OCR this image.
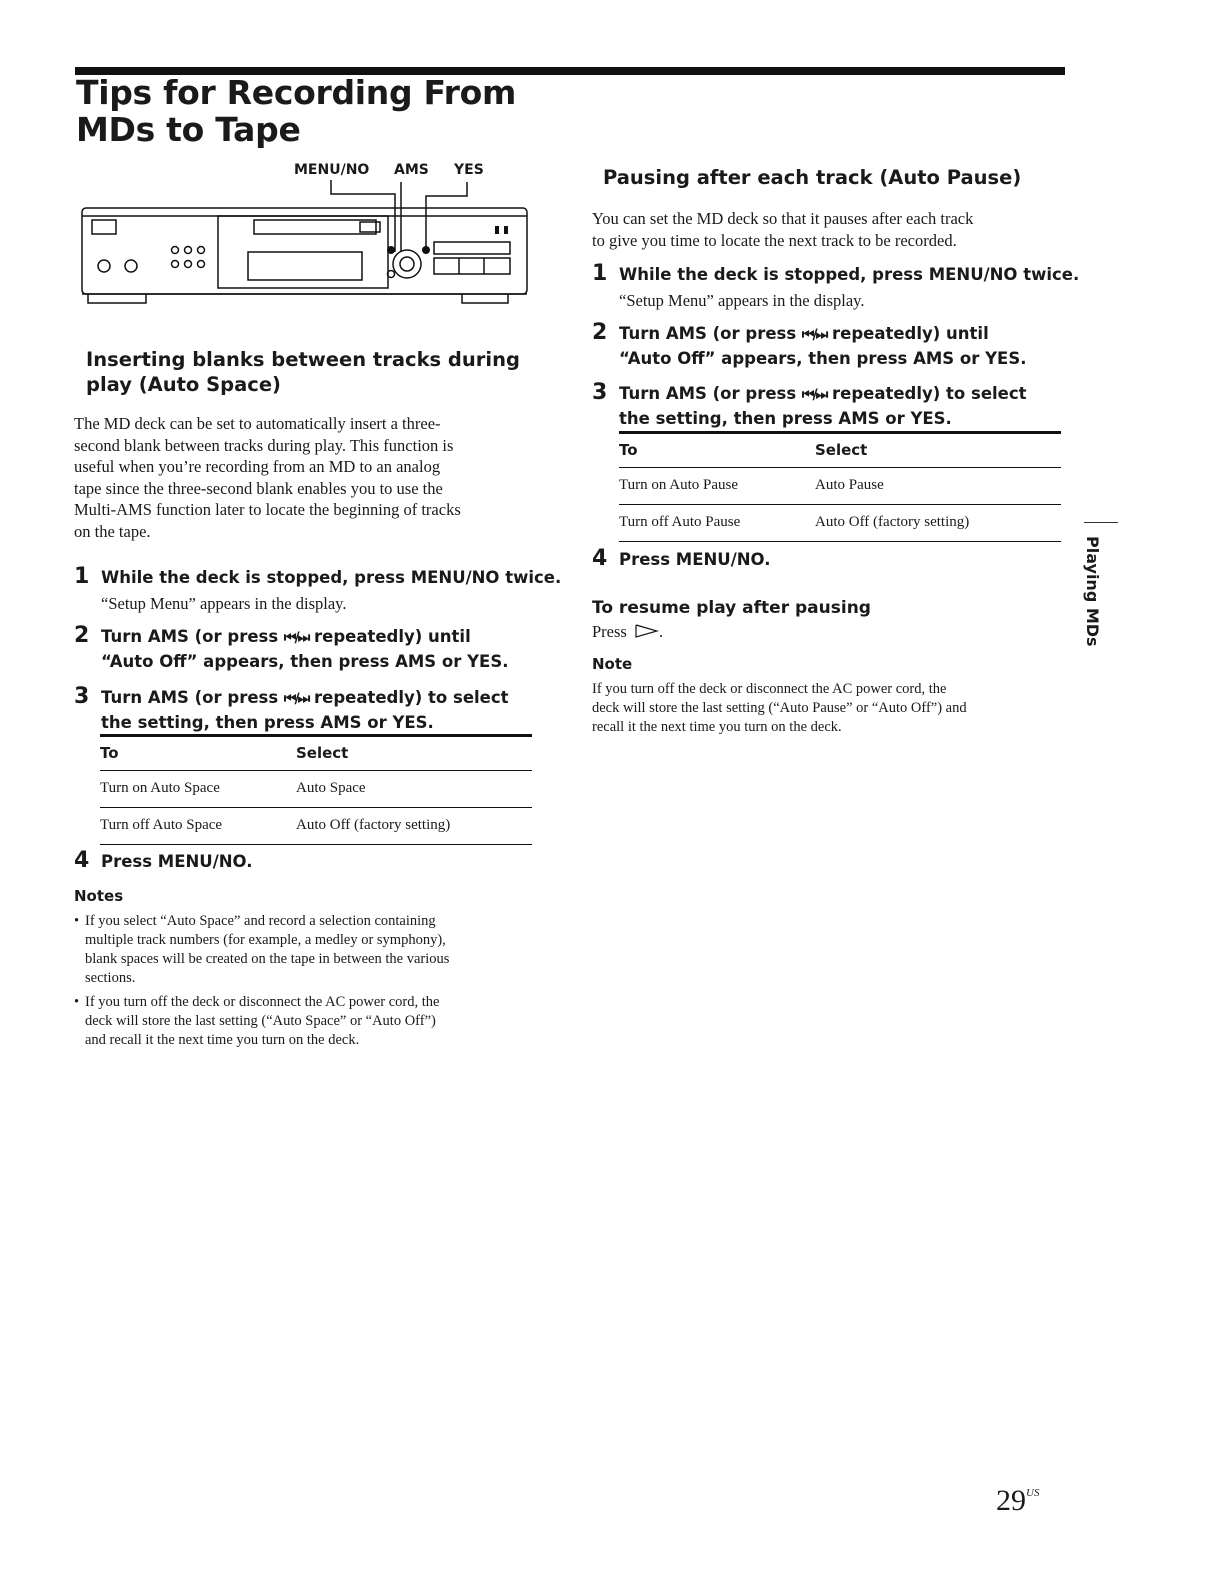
Tips for Recording From
MDs to Tape
MENU/NO AMS YES
Inserting blanks between tracks during
play (Auto Space)
The MD deck can be set to automatically insert a three-
second blank between tracks during play. This function is
useful when you’re recording from an MD to an analog
tape since the three-second blank enables you to use the
Multi-AMS function later to locate the beginning of tracks
on the tape.
1 While the deck is stopped, press MENU/NO twice.
“Setup Menu” appears in the display.
2 Turn AMS (or press ⏮/⏭ repeatedly) until
“Auto Off” appears, then press AMS or YES.
3 Turn AMS (or press ⏮/⏭ repeatedly) to select
the setting, then press AMS or YES.
To	Select
Turn on Auto Space	Auto Space
Turn off Auto Space	Auto Off (factory setting)
4 Press MENU/NO.
Notes
• If you select “Auto Space” and record a selection containing
multiple track numbers (for example, a medley or symphony),
blank spaces will be created on the tape in between the various
sections.
• If you turn off the deck or disconnect the AC power cord, the
deck will store the last setting (“Auto Space” or “Auto Off”)
and recall it the next time you turn on the deck.
Pausing after each track (Auto Pause)
You can set the MD deck so that it pauses after each track
to give you time to locate the next track to be recorded.
1 While the deck is stopped, press MENU/NO twice.
“Setup Menu” appears in the display.
2 Turn AMS (or press ⏮/⏭ repeatedly) until
“Auto Off” appears, then press AMS or YES.
3 Turn AMS (or press ⏮/⏭ repeatedly) to select
the setting, then press AMS or YES.
To	Select
Turn on Auto Pause	Auto Pause
Turn off Auto Pause	Auto Off (factory setting)
4 Press MENU/NO.
To resume play after pausing
Press .
Note
If you turn off the deck or disconnect the AC power cord, the
deck will store the last setting (“Auto Pause” or “Auto Off”) and
recall it the next time you turn on the deck.
Playing MDs
$29^{US}$
